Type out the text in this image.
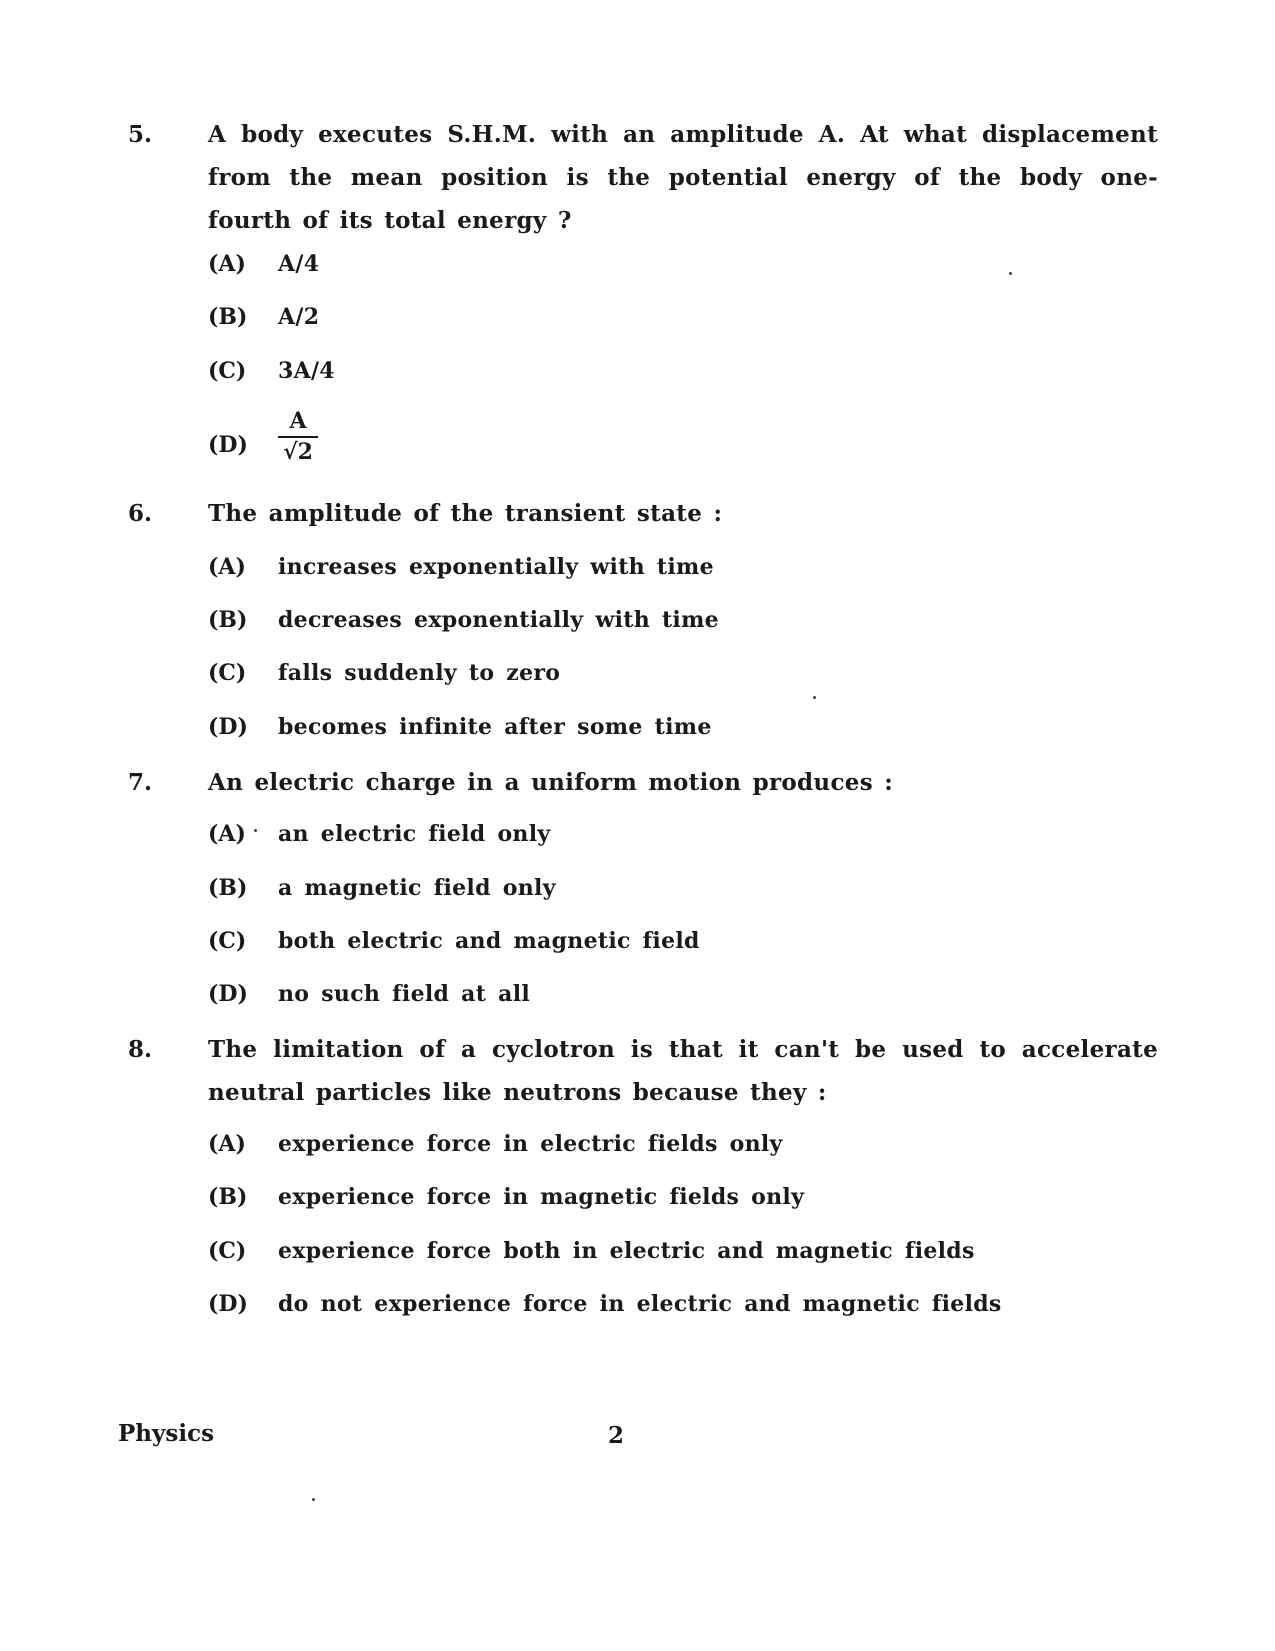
5. A body executes S.H.M. with an amplitude A. At what displacement from the mean position is the potential energy of the body one-fourth of its total energy ?
(A) A/4
(B) A/2
(C) 3A/4
$(D) \frac{A}{√2}$
6. The amplitude of the transient state :
(A) increases exponentially with time
(B) decreases exponentially with time
(C) falls suddenly to zero
(D) becomes infinite after some time
7. An electric charge in a uniform motion produces :
(A) an electric field only
(B) a magnetic field only
(C) both electric and magnetic field
(D) no such field at all
8. The limitation of a cyclotron is that it can't be used to accelerate neutral particles like neutrons because they :
(A) experience force in electric fields only
(B) experience force in magnetic fields only
(C) experience force both in electric and magnetic fields
(D) do not experience force in electric and magnetic fields
Physics	2
